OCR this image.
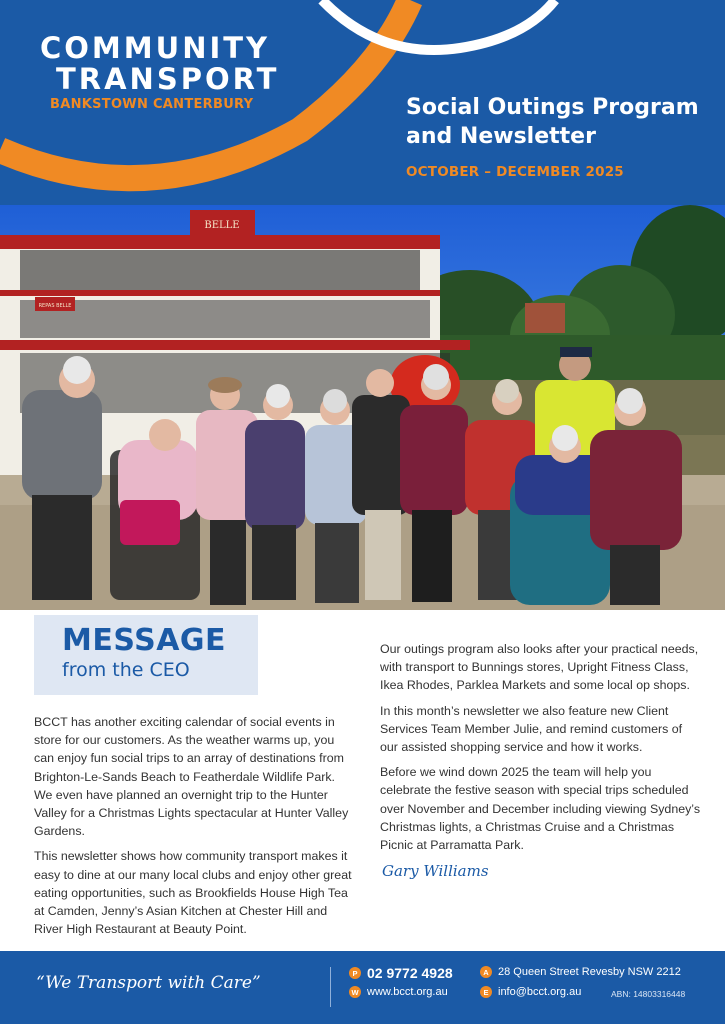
COMMUNITY
TRANSPORT
BANKSTOWN CANTERBURY	Social Outings Program
and Newsletter
OCTOBER – DECEMBER 2025
BELLE
REPAS BELLE
MESSAGE
from the CEO

BCCT has another exciting calendar of social events in store for our customers. As the weather warms up, you can enjoy fun social trips to an array of destinations from Brighton-Le-Sands Beach to Featherdale Wildlife Park. We even have planned an overnight trip to the Hunter Valley for a Christmas Lights spectacular at Hunter Valley Gardens.

This newsletter shows how community transport makes it easy to dine at our many local clubs and enjoy other great eating opportunities, such as Brookfields House High Tea at Camden, Jenny’s Asian Kitchen at Chester Hill and River High Restaurant at Beauty Point.

Our outings program also looks after your practical needs, with transport to Bunnings stores, Upright Fitness Class, Ikea Rhodes, Parklea Markets and some local op shops.

In this month’s newsletter we also feature new Client Services Team Member Julie, and remind customers of our assisted shopping service and how it works.

Before we wind down 2025 the team will help you celebrate the festive season with special trips scheduled over November and December including viewing Sydney’s Christmas lights, a Christmas Cruise and a Christmas Picnic at Parramatta Park.

Gary Williams
“We Transport with Care”	P 02 9772 4928
W www.bcct.org.au
A 28 Queen Street Revesby NSW 2212
E info@bcct.org.au	ABN: 14803316448
